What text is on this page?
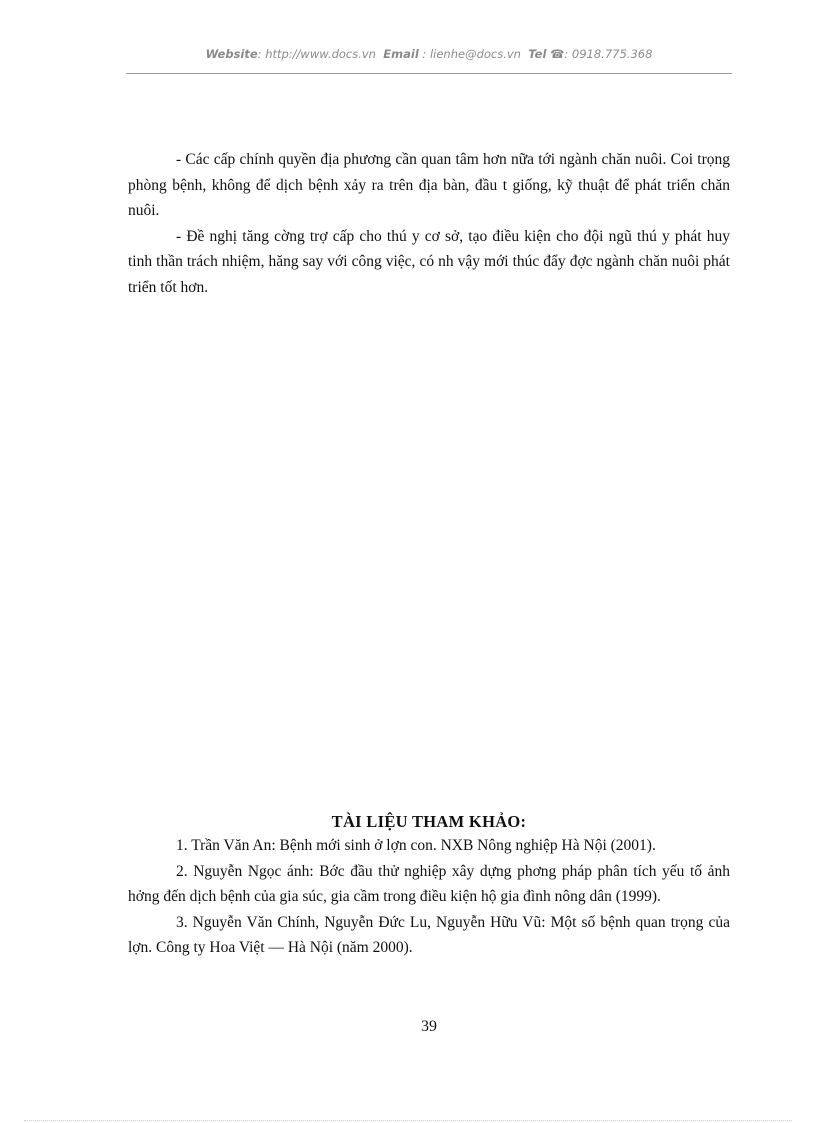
Website: http://www.docs.vn Email : lienhe@docs.vn Tel ☎: 0918.775.368

- Các cấp chính quyền địa phương cần quan tâm hơn nữa tới ngành chăn nuôi. Coi trọng phòng bệnh, không để dịch bệnh xảy ra trên địa bàn, đầu t giống, kỹ thuật để phát triển chăn nuôi.

- Đề nghị tăng cờng trợ cấp cho thú y cơ sở, tạo điều kiện cho đội ngũ thú y phát huy tinh thần trách nhiệm, hăng say với công việc, có nh vậy mới thúc đẩy đợc ngành chăn nuôi phát triển tốt hơn.

TÀI LIỆU THAM KHẢO:

1. Trần Văn An: Bệnh mới sinh ở lợn con. NXB Nông nghiệp Hà Nội (2001).

2. Nguyễn Ngọc ánh: Bớc đầu thử nghiệp xây dựng phơng pháp phân tích yếu tố ảnh hởng đến dịch bệnh của gia súc, gia cầm trong điều kiện hộ gia đình nông dân (1999).

3. Nguyễn Văn Chính, Nguyễn Đức Lu, Nguyễn Hữu Vũ: Một số bệnh quan trọng của lợn. Công ty Hoa Việt — Hà Nội (năm 2000).

39
